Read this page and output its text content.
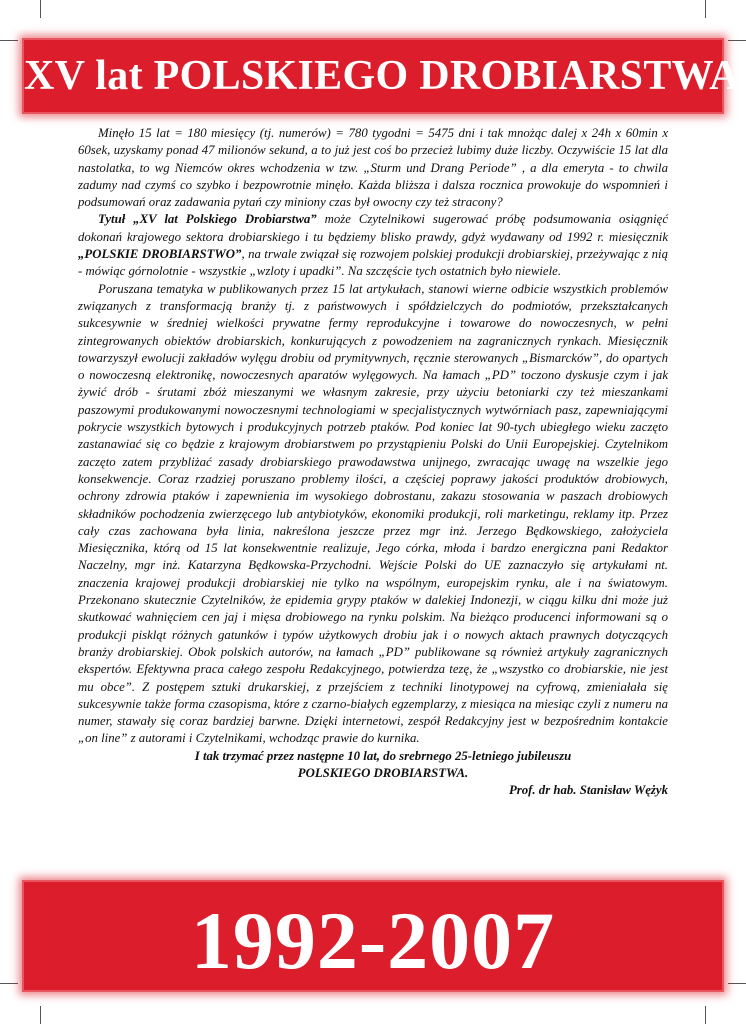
XV lat POLSKIEGO DROBIARSTWA

Minęło 15 lat = 180 miesięcy (tj. numerów) = 780 tygodni = 5475 dni i tak mnożąc dalej x 24h x 60min x 60sek, uzyskamy ponad 47 milionów sekund, a to już jest coś bo przecież lubimy duże liczby. Oczywiście 15 lat dla nastolatka, to wg Niemców okres wchodzenia w tzw. „Sturm und Drang Periode” , a dla emeryta - to chwila zadumy nad czymś co szybko i bezpowrotnie minęło. Każda bliższa i dalsza rocznica prowokuje do wspomnień i podsumowań oraz zadawania pytań czy miniony czas był owocny czy też stracony?

Tytuł „XV lat Polskiego Drobiarstwa” może Czytelnikowi sugerować próbę podsumowania osiągnięć dokonań krajowego sektora drobiarskiego i tu będziemy blisko prawdy, gdyż wydawany od 1992 r. miesięcznik „POLSKIE DROBIARSTWO”, na trwale związał się rozwojem polskiej produkcji drobiarskiej, przeżywając z nią - mówiąc górnolotnie - wszystkie „wzloty i upadki”. Na szczęście tych ostatnich było niewiele.

Poruszana tematyka w publikowanych przez 15 lat artykułach, stanowi wierne odbicie wszystkich problemów związanych z transformacją branży tj. z państwowych i spółdzielczych do podmiotów, przekształcanych sukcesywnie w średniej wielkości prywatne fermy reprodukcyjne i towarowe do nowoczesnych, w pełni zintegrowanych obiektów drobiarskich, konkurujących z powodzeniem na zagranicznych rynkach. Miesięcznik towarzyszył ewolucji zakładów wylęgu drobiu od prymitywnych, ręcznie sterowanych „Bismarcków”, do opartych o nowoczesną elektronikę, nowoczesnych aparatów wylęgowych. Na łamach „PD” toczono dyskusje czym i jak żywić drób - śrutami zbóż mieszanymi we własnym zakresie, przy użyciu betoniarki czy też mieszankami paszowymi produkowanymi nowoczesnymi technologiami w specjalistycznych wytwórniach pasz, zapewniającymi pokrycie wszystkich bytowych i produkcyjnych potrzeb ptaków. Pod koniec lat 90-tych ubiegłego wieku zaczęto zastanawiać się co będzie z krajowym drobiarstwem po przystąpieniu Polski do Unii Europejskiej. Czytelnikom zaczęto zatem przybliżać zasady drobiarskiego prawodawstwa unijnego, zwracając uwagę na wszelkie jego konsekwencje. Coraz rzadziej poruszano problemy ilości, a częściej poprawy jakości produktów drobiowych, ochrony zdrowia ptaków i zapewnienia im wysokiego dobrostanu, zakazu stosowania w paszach drobiowych składników pochodzenia zwierzęcego lub antybiotyków, ekonomiki produkcji, roli marketingu, reklamy itp. Przez cały czas zachowana była linia, nakreślona jeszcze przez mgr inż. Jerzego Będkowskiego, założyciela Miesięcznika, którą od 15 lat konsekwentnie realizuje, Jego córka, młoda i bardzo energiczna pani Redaktor Naczelny, mgr inż. Katarzyna Będkowska-Przychodni. Wejście Polski do UE zaznaczyło się artykułami nt. znaczenia krajowej produkcji drobiarskiej nie tylko na wspólnym, europejskim rynku, ale i na światowym. Przekonano skutecznie Czytelników, że epidemia grypy ptaków w dalekiej Indonezji, w ciągu kilku dni może już skutkować wahnięciem cen jaj i mięsa drobiowego na rynku polskim. Na bieżąco producenci informowani są o produkcji piskląt różnych gatunków i typów użytkowych drobiu jak i o nowych aktach prawnych dotyczących branży drobiarskiej. Obok polskich autorów, na łamach „PD” publikowane są również artykuły zagranicznych ekspertów. Efektywna praca całego zespołu Redakcyjnego, potwierdza tezę, że „wszystko co drobiarskie, nie jest mu obce”. Z postępem sztuki drukarskiej, z przejściem z techniki linotypowej na cyfrową, zmieniałała się sukcesywnie także forma czasopisma, które z czarno-białych egzemplarzy, z miesiąca na miesiąc czyli z numeru na numer, stawały się coraz bardziej barwne. Dzięki internetowi, zespół Redakcyjny jest w bezpośrednim kontakcie „on line” z autorami i Czytelnikami, wchodząc prawie do kurnika.

I tak trzymać przez następne 10 lat, do srebrnego 25-letniego jubileuszu

POLSKIEGO DROBIARSTWA.

Prof. dr hab. Stanisław Wężyk

1992-2007
